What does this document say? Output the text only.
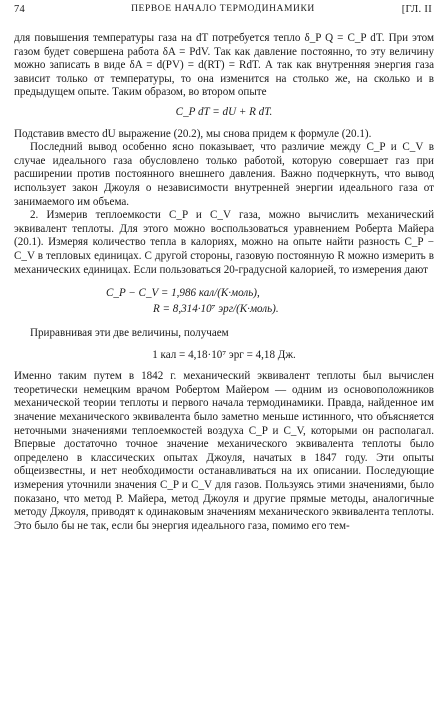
74	ПЕРВОЕ НАЧАЛО ТЕРМОДИНАМИКИ	[ГЛ. II

для повышения температуры газа на dT потребуется тепло δ_P Q = C_P dT. При этом газом будет совершена работа δA = PdV. Так как давление постоянно, то эту величину можно записать в виде δA = d(PV) = d(RT) = RdT. А так как внутренняя энергия газа зависит только от температуры, то она изменится на столько же, на сколько и в предыдущем опыте. Таким образом, во втором опыте

C_P dT = dU + R dT.

Подставив вместо dU выражение (20.2), мы снова придем к формуле (20.1).

Последний вывод особенно ясно показывает, что различие между C_P и C_V в случае идеального газа обусловлено только работой, которую совершает газ при расширении против постоянного внешнего давления. Важно подчеркнуть, что вывод использует закон Джоуля о независимости внутренней энергии идеального газа от занимаемого им объема.

2. Измерив теплоемкости C_P и C_V газа, можно вычислить механический эквивалент теплоты. Для этого можно воспользоваться уравнением Роберта Майера (20.1). Измеряя количество тепла в калориях, можно на опыте найти разность C_P − C_V в тепловых единицах. С другой стороны, газовую постоянную R можно измерить в механических единицах. Если пользоваться 20-градусной калорией, то измерения дают

C_P − C_V = 1,986 кал/(К·моль),
R = 8,314·10⁷ эрг/(К·моль).

Приравнивая эти две величины, получаем

1 кал = 4,18·10⁷ эрг = 4,18 Дж.

Именно таким путем в 1842 г. механический эквивалент теплоты был вычислен теоретически немецким врачом Робертом Майером — одним из основоположников механической теории теплоты и первого начала термодинамики. Правда, найденное им значение механического эквивалента было заметно меньше истинного, что объясняется неточными значениями теплоемкостей воздуха C_P и C_V, которыми он располагал. Впервые достаточно точное значение механического эквивалента теплоты было определено в классических опытах Джоуля, начатых в 1847 году. Эти опыты общеизвестны, и нет необходимости останавливаться на их описании. Последующие измерения уточнили значения C_P и C_V для газов. Пользуясь этими значениями, было показано, что метод Р. Майера, метод Джоуля и другие прямые методы, аналогичные методу Джоуля, приводят к одинаковым значениям механического эквивалента теплоты. Это было бы не так, если бы энергия идеального газа, помимо его тем-
